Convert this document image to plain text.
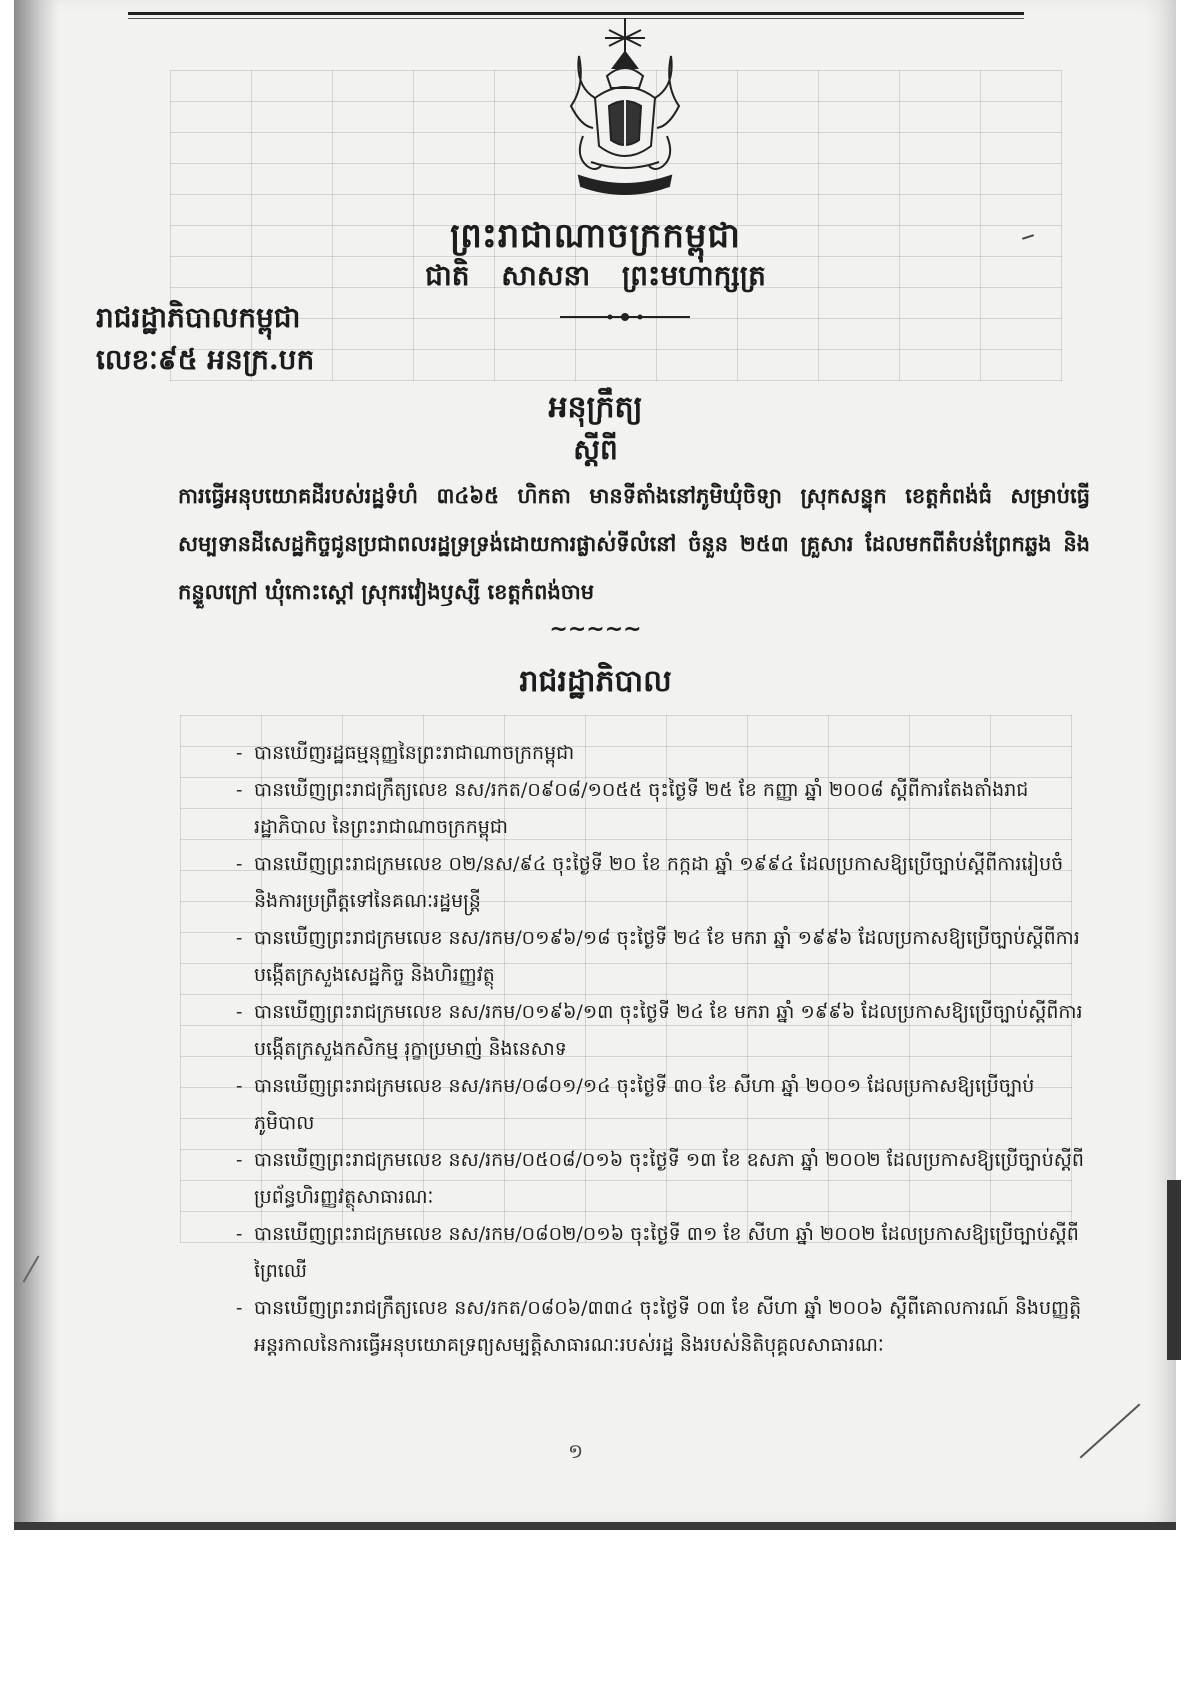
ព្រះរាជាណាចក្រកម្ពុជា
ជាតិ សាសនា ព្រះមហាក្សត្រ
រាជរដ្ឋាភិបាលកម្ពុជា
លេខៈ៩៥ អនក្រ.បក
អនុក្រឹត្យ
ស្ដីពី
ការធ្វើអនុបយោគដីរបស់រដ្ឋទំហំ ៣៤៦៥ ហិកតា មានទីតាំងនៅភូមិឃុំចិទ្យា ស្រុកសន្ទុក ខេត្តកំពង់ធំ សម្រាប់ធ្វើសម្បទានដីសេដ្ឋកិច្ចជូនប្រជាពលរដ្ឋទ្រទ្រង់ដោយការផ្លាស់ទីលំនៅ ចំនួន ២៥៣ គ្រួសារ ដែលមកពីតំបន់ព្រែកឆ្លង និងកន្ទួលក្រៅ ឃុំកោះស្ដៅ ស្រុករវៀងឫស្សី ខេត្តកំពង់ចាម
~~~~~
រាជរដ្ឋាភិបាល
- បានឃើញរដ្ឋធម្មនុញ្ញនៃព្រះរាជាណាចក្រកម្ពុជា
- បានឃើញព្រះរាជក្រឹត្យលេខ នស/រកត/០៩០៨/១០៥៥ ចុះថ្ងៃទី ២៥ ខែ កញ្ញា ឆ្នាំ ២០០៨ ស្ដីពីការតែងតាំងរាជរដ្ឋាភិបាល នៃព្រះរាជាណាចក្រកម្ពុជា
- បានឃើញព្រះរាជក្រមលេខ ០២/នស/៩៤ ចុះថ្ងៃទី ២០ ខែ កក្កដា ឆ្នាំ ១៩៩៤ ដែលប្រកាសឱ្យប្រើច្បាប់ស្ដីពីការរៀបចំ និងការប្រព្រឹត្តទៅនៃគណៈរដ្ឋមន្ត្រី
- បានឃើញព្រះរាជក្រមលេខ នស/រកម/០១៩៦/១៨ ចុះថ្ងៃទី ២៤ ខែ មករា ឆ្នាំ ១៩៩៦ ដែលប្រកាសឱ្យប្រើច្បាប់ស្ដីពីការបង្កើតក្រសួងសេដ្ឋកិច្ច និងហិរញ្ញវត្ថុ
- បានឃើញព្រះរាជក្រមលេខ នស/រកម/០១៩៦/១៣ ចុះថ្ងៃទី ២៤ ខែ មករា ឆ្នាំ ១៩៩៦ ដែលប្រកាសឱ្យប្រើច្បាប់ស្ដីពីការបង្កើតក្រសួងកសិកម្ម រុក្ខាប្រមាញ់ និងនេសាទ
- បានឃើញព្រះរាជក្រមលេខ នស/រកម/០៨០១/១៤ ចុះថ្ងៃទី ៣០ ខែ សីហា ឆ្នាំ ២០០១ ដែលប្រកាសឱ្យប្រើច្បាប់ភូមិបាល
- បានឃើញព្រះរាជក្រមលេខ នស/រកម/០៥០៨/០១៦ ចុះថ្ងៃទី ១៣ ខែ ឧសភា ឆ្នាំ ២០០២ ដែលប្រកាសឱ្យប្រើច្បាប់ស្ដីពីប្រព័ន្ធហិរញ្ញវត្ថុសាធារណៈ
- បានឃើញព្រះរាជក្រមលេខ នស/រកម/០៨០២/០១៦ ចុះថ្ងៃទី ៣១ ខែ សីហា ឆ្នាំ ២០០២ ដែលប្រកាសឱ្យប្រើច្បាប់ស្ដីពីព្រៃឈើ
- បានឃើញព្រះរាជក្រឹត្យលេខ នស/រកត/០៨០៦/៣៣៤ ចុះថ្ងៃទី ០៣ ខែ សីហា ឆ្នាំ ២០០៦ ស្ដីពីគោលការណ៍ និងបញ្ញត្តិអន្តរកាលនៃការធ្វើអនុបយោគទ្រព្យសម្បត្តិសាធារណៈរបស់រដ្ឋ និងរបស់និតិបុគ្គលសាធារណៈ
១
